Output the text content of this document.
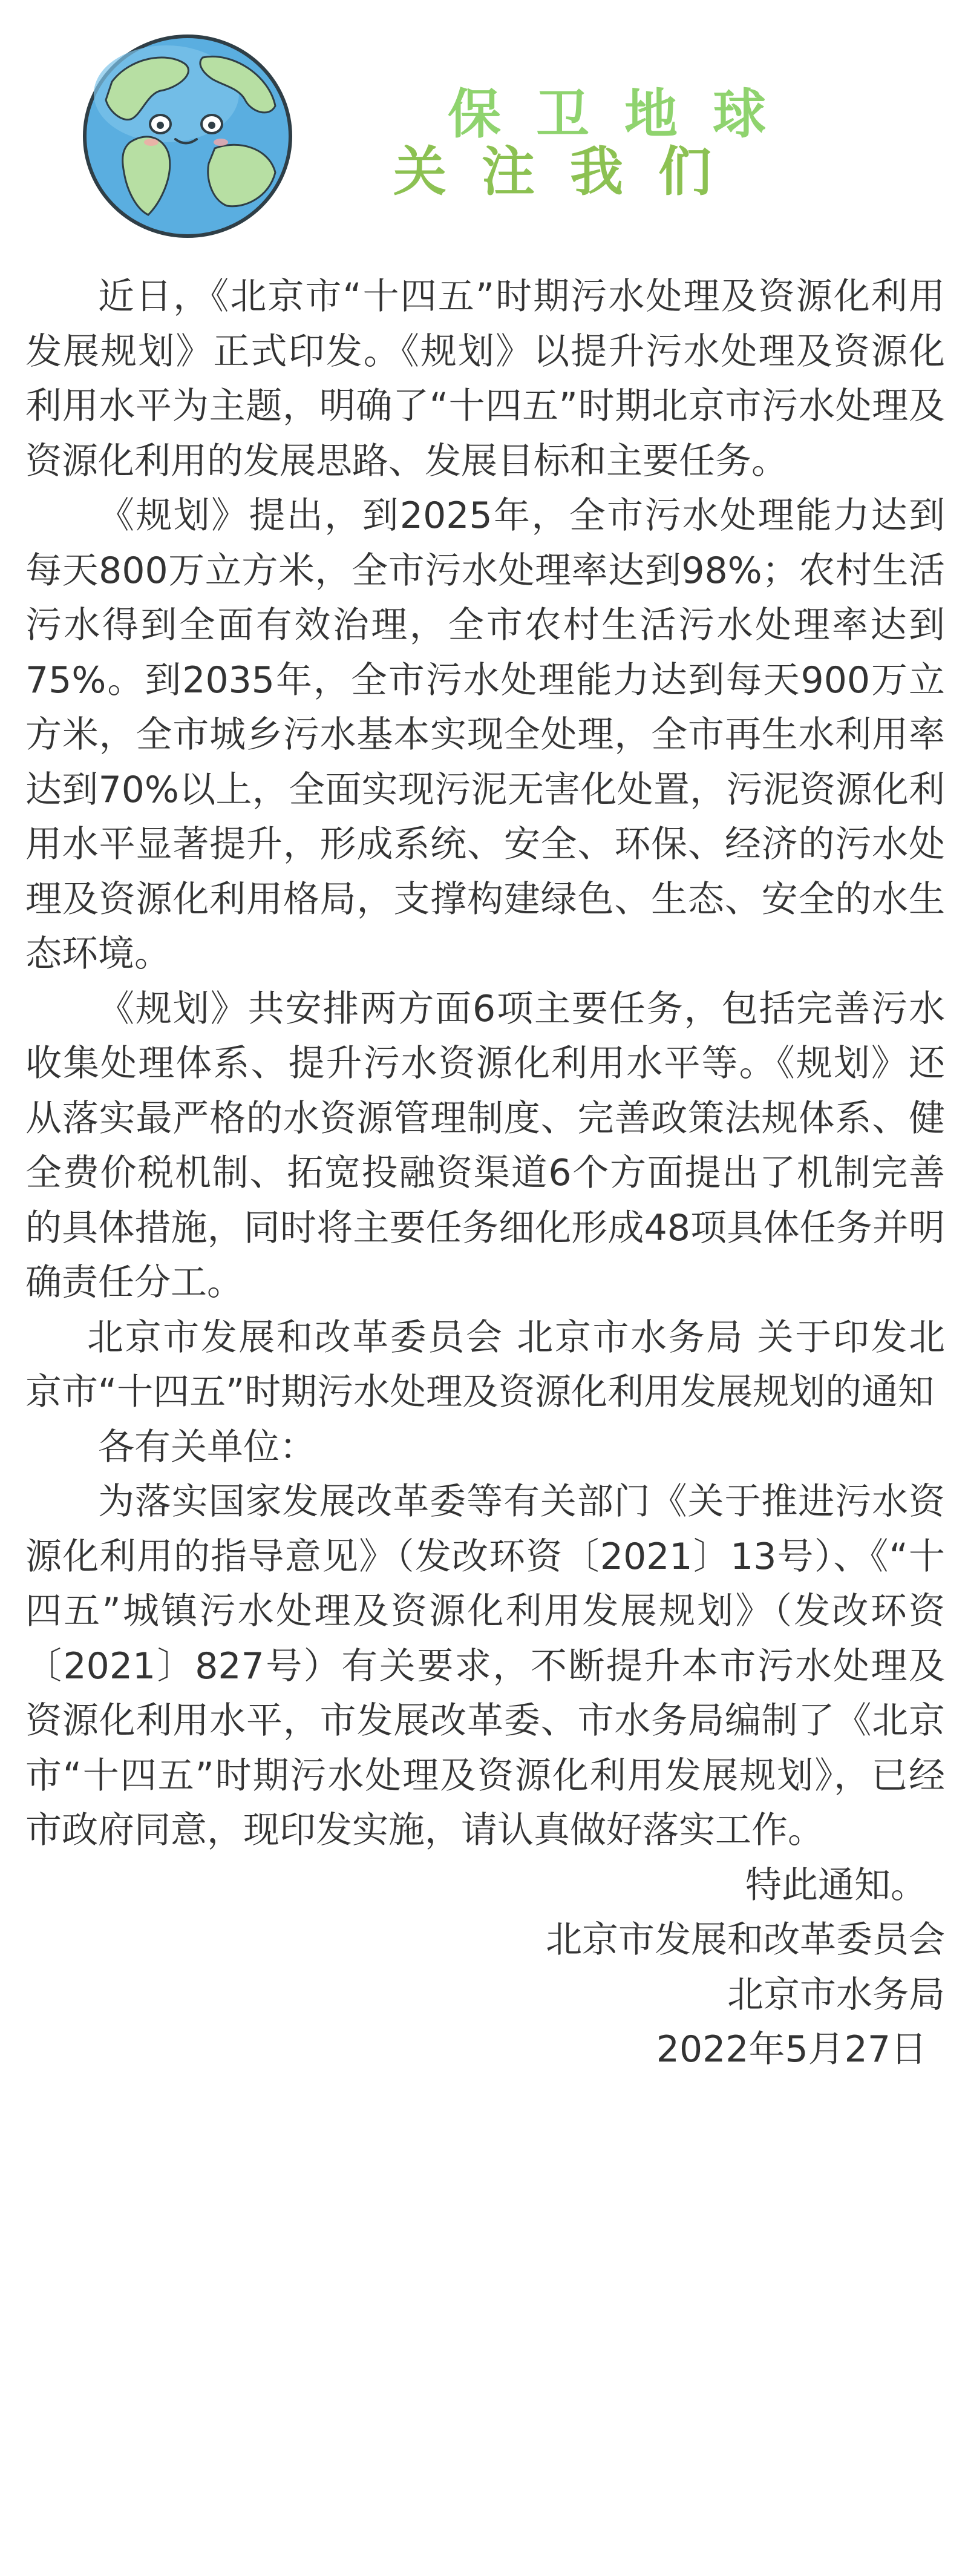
保卫地球
关注我们

近日，《北京市“十四五”时期污水处理及资源化利用发展规划》正式印发。《规划》以提升污水处理及资源化利用水平为主题，明确了“十四五”时期北京市污水处理及资源化利用的发展思路、发展目标和主要任务。

《规划》提出，到2025年，全市污水处理能力达到每天800万立方米，全市污水处理率达到98%；农村生活污水得到全面有效治理，全市农村生活污水处理率达到75%。到2035年，全市污水处理能力达到每天900万立方米，全市城乡污水基本实现全处理，全市再生水利用率达到70%以上，全面实现污泥无害化处置，污泥资源化利用水平显著提升，形成系统、安全、环保、经济的污水处理及资源化利用格局，支撑构建绿色、生态、安全的水生态环境。

《规划》共安排两方面6项主要任务，包括完善污水收集处理体系、提升污水资源化利用水平等。《规划》还从落实最严格的水资源管理制度、完善政策法规体系、健全费价税机制、拓宽投融资渠道6个方面提出了机制完善的具体措施，同时将主要任务细化形成48项具体任务并明确责任分工。

北京市发展和改革委员会 北京市水务局 关于印发北京市“十四五”时期污水处理及资源化利用发展规划的通知

各有关单位：

为落实国家发展改革委等有关部门《关于推进污水资源化利用的指导意见》（发改环资〔2021〕13号）、《“十四五”城镇污水处理及资源化利用发展规划》（发改环资〔2021〕827号）有关要求，不断提升本市污水处理及资源化利用水平，市发展改革委、市水务局编制了《北京市“十四五”时期污水处理及资源化利用发展规划》，已经市政府同意，现印发实施，请认真做好落实工作。

特此通知。

北京市发展和改革委员会

北京市水务局

2022年5月27日
